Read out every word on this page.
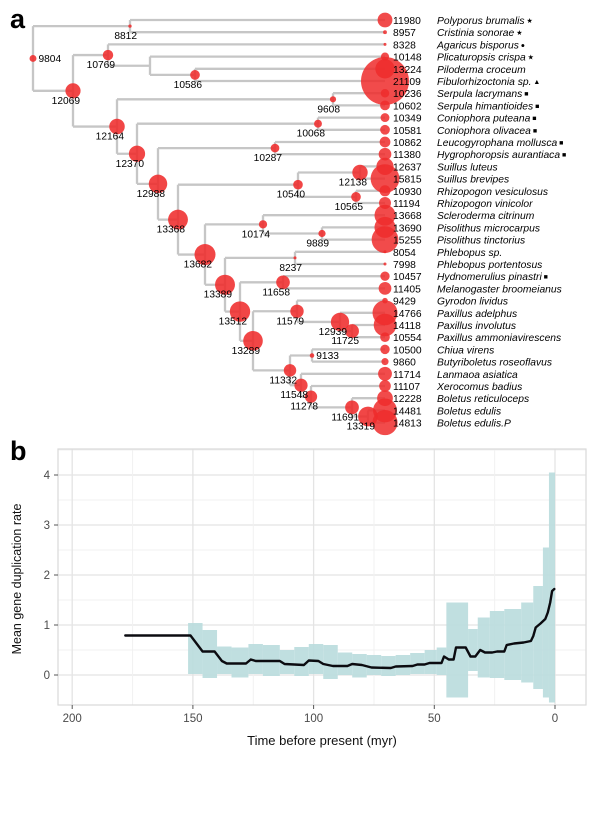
a
8812
10586
10769
9608
10068
10287
12138
10565
10540
9889
10174
8237
11658
11725
12939
11579
9133
13319
11691
11278
11548
11332
13289
13512
13389
13682
13368
12988
12370
12164
12069
9804
11980 Polyporus brumalis ★
8957 Cristinia sonorae ★
8328 Agaricus bisporus ●
10148 Plicaturopsis crispa ★
13224 Piloderma croceum
21109 Fibulorhizoctonia sp. ▲
10236 Serpula lacrymans ■
10602 Serpula himantioides ■
10349 Coniophora puteana ■
10581 Coniophora olivacea ■
10862 Leucogyrophana mollusca ■
11380 Hygrophoropsis aurantiaca ■
12637 Suillus luteus
15815 Suillus brevipes
10930 Rhizopogon vesiculosus
11194 Rhizopogon vinicolor
13668 Scleroderma citrinum
13690 Pisolithus microcarpus
15255 Pisolithus tinctorius
8054 Phlebopus sp.
7998 Phlebopus portentosus
10457 Hydnomerulius pinastri ■
11405 Melanogaster broomeianus
9429 Gyrodon lividus
14766 Paxillus adelphus
14118 Paxillus involutus
10554 Paxillus ammoniavirescens
10500 Chiua virens
9860 Butyriboletus roseoflavus
11714 Lanmaoa asiatica
11107 Xerocomus badius
12228 Boletus reticuloceps
14481 Boletus edulis
14813 Boletus edulis.P
b
200	150	100	50	0
0
1
2
3
4
Mean gene duplication rate
Time before present (myr)
